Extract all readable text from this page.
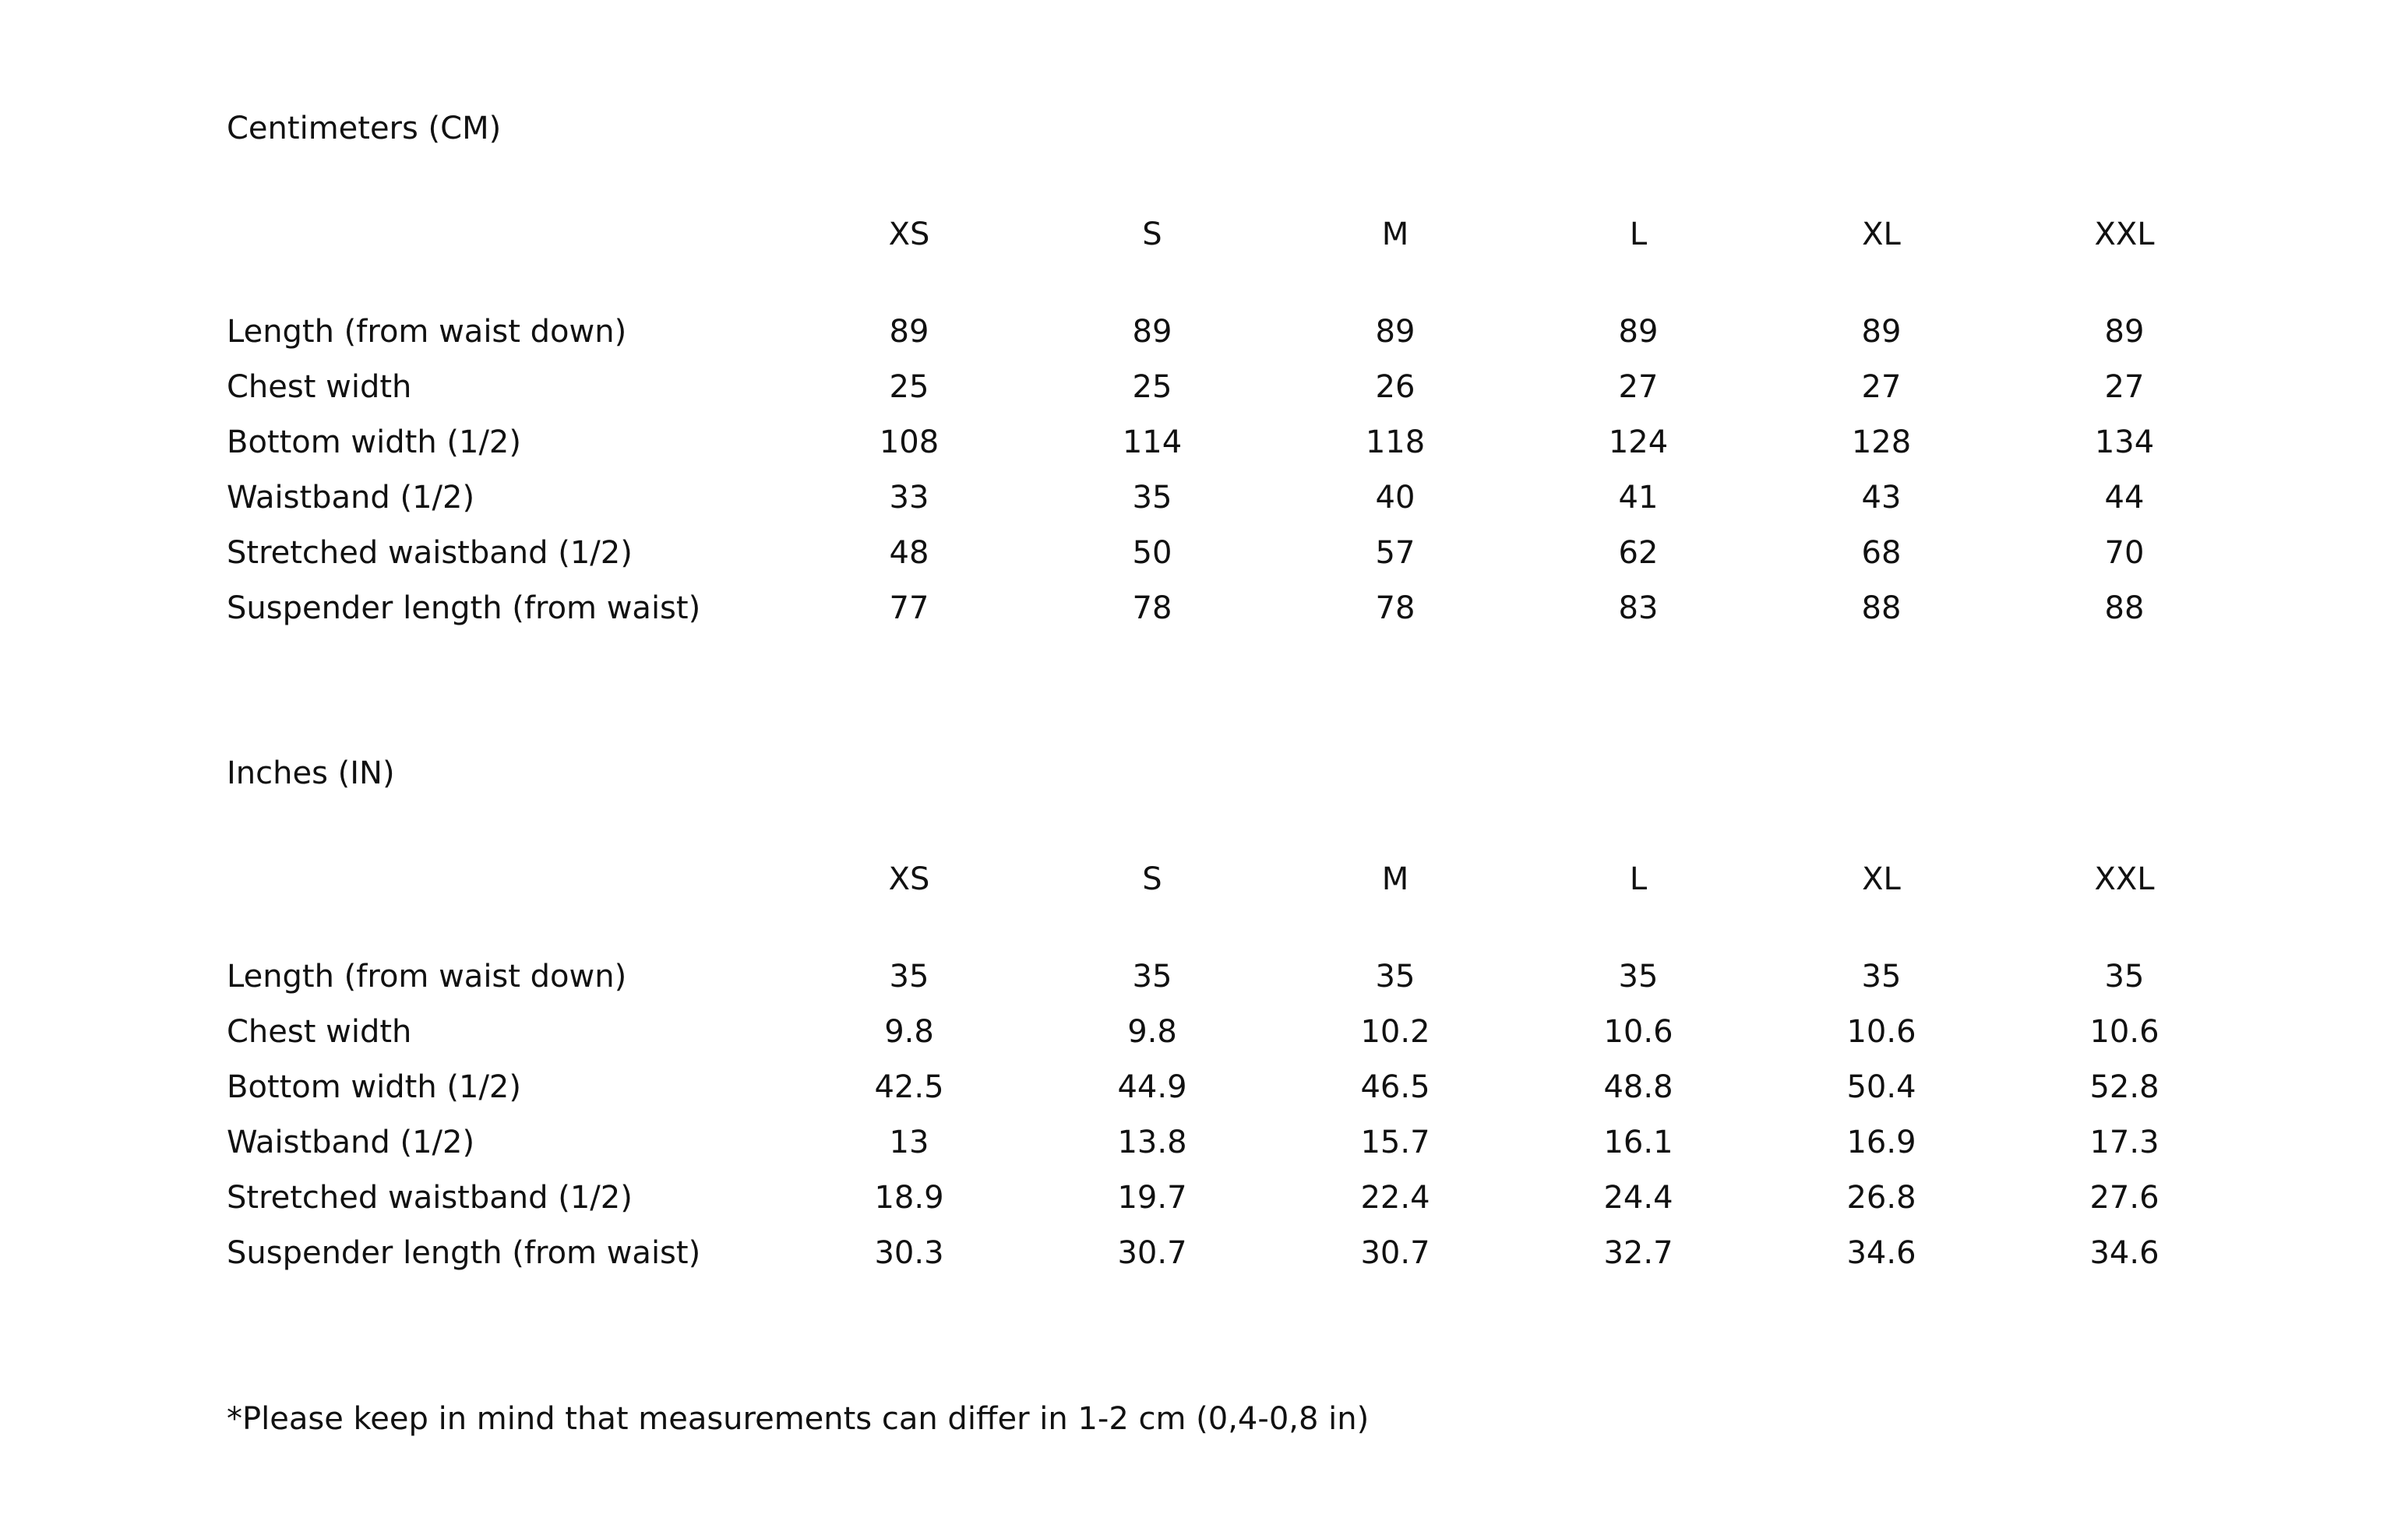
Centimeters (CM)
	XS	S	M	L	XL	XXL

Length (from waist down)	89	89	89	89	89	89
Chest width	25	25	26	27	27	27
Bottom width (1/2)	108	114	118	124	128	134
Waistband (1/2)	33	35	40	41	43	44
Stretched waistband (1/2)	48	50	57	62	68	70
Suspender length (from waist)	77	78	78	83	88	88
Inches (IN)
	XS	S	M	L	XL	XXL

Length (from waist down)	35	35	35	35	35	35
Chest width	9.8	9.8	10.2	10.6	10.6	10.6
Bottom width (1/2)	42.5	44.9	46.5	48.8	50.4	52.8
Waistband (1/2)	13	13.8	15.7	16.1	16.9	17.3
Stretched waistband (1/2)	18.9	19.7	22.4	24.4	26.8	27.6
Suspender length (from waist)	30.3	30.7	30.7	32.7	34.6	34.6

*Please keep in mind that measurements can differ in 1-2 cm (0,4-0,8 in)
